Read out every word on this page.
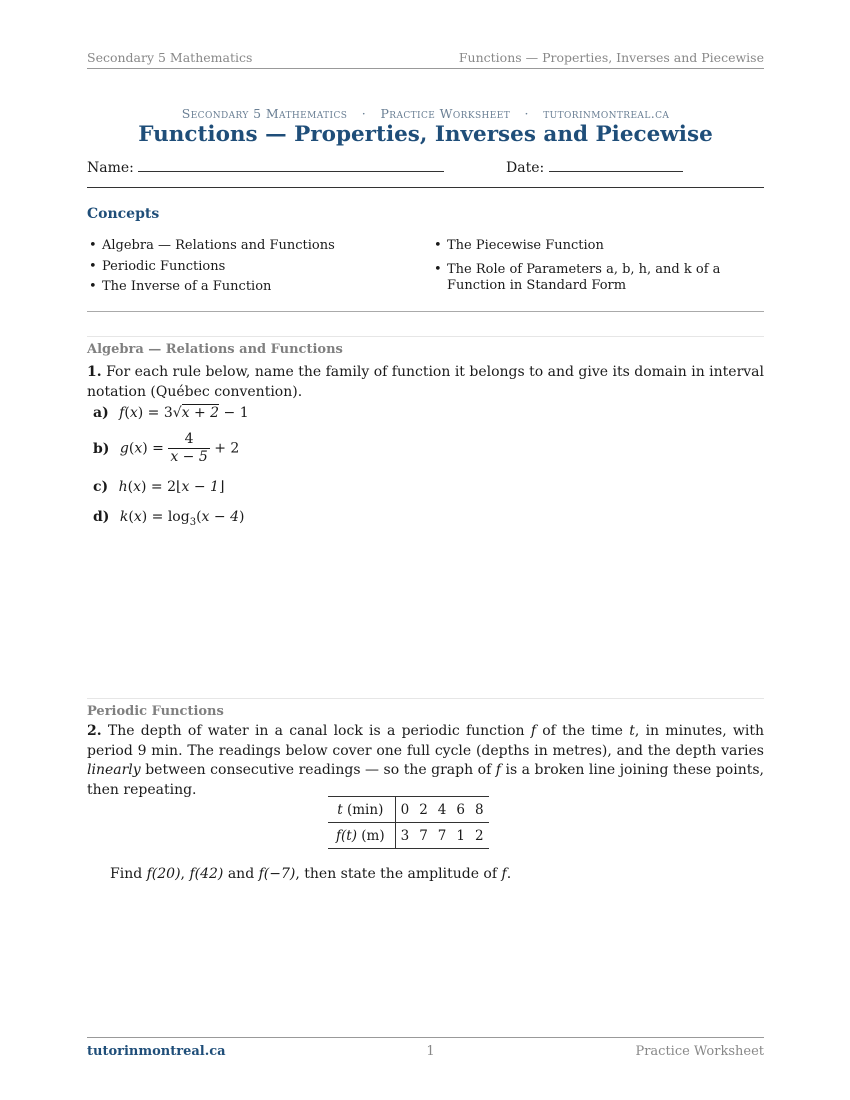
Secondary 5 Mathematics	Functions — Properties, Inverses and Piecewise
Secondary 5 Mathematics · Practice Worksheet · tutorinmontreal.ca
Functions — Properties, Inverses and Piecewise
Name:	Date:
Concepts
• Algebra — Relations and Functions
• Periodic Functions
• The Inverse of a Function
• The Piecewise Function
• The Role of Parameters a, b, h, and k of a Function in Standard Form
Algebra — Relations and Functions
1. For each rule below, name the family of function it belongs to and give its domain in interval notation (Québec convention).
a) f(x) = 3√x + 2 − 1
b) $g(x) = \frac{4}{x - 5} + 2$
c) h(x) = 2⌊x − 1⌋
d) $k(x) = \log_3(x - 4)$
Periodic Functions
2. The depth of water in a canal lock is a periodic function f of the time t, in minutes, with period 9 min. The readings below cover one full cycle (depths in metres), and the depth varies linearly between consecutive readings — so the graph of f is a broken line joining these points, then repeating.
t (min)	0	2	4	6	8
f(t) (m)	3	7	7	1	2
Find f(20), f(42) and f(−7), then state the amplitude of f.
tutorinmontreal.ca	1	Practice Worksheet
